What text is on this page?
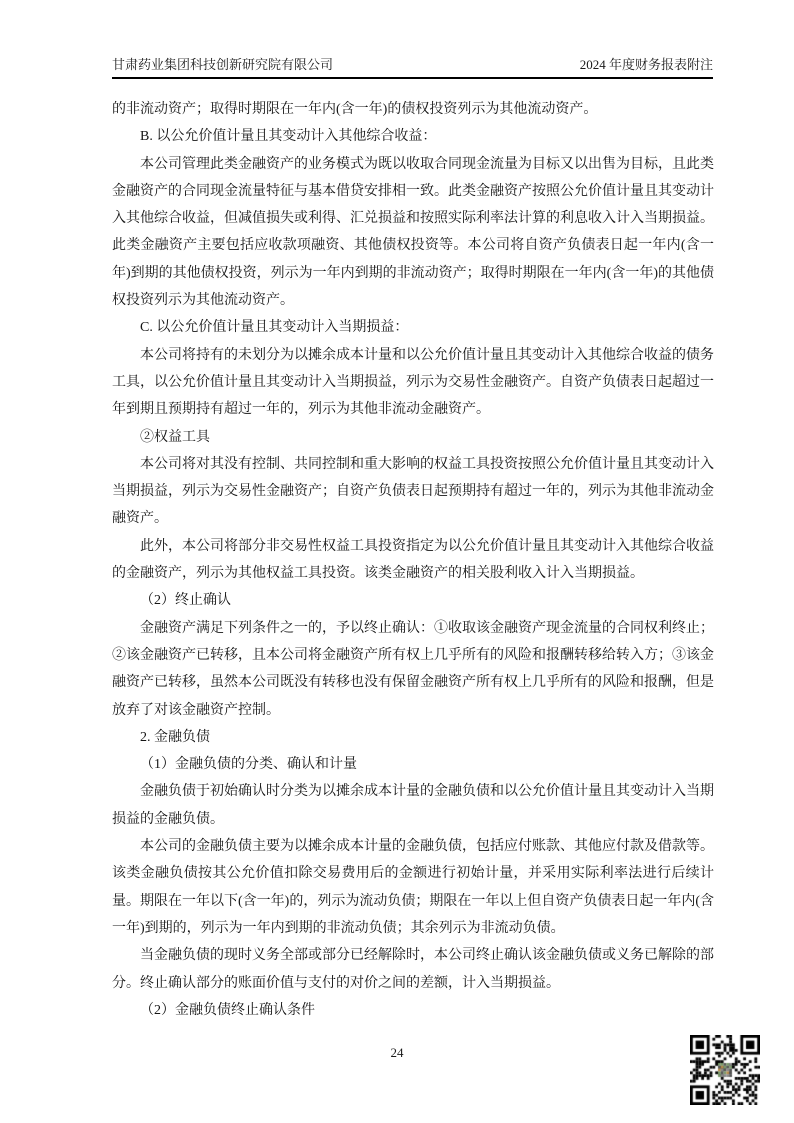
甘肃药业集团科技创新研究院有限公司	2024 年度财务报表附注

的非流动资产；取得时期限在一年内(含一年)的债权投资列示为其他流动资产。

B. 以公允价值计量且其变动计入其他综合收益：

本公司管理此类金融资产的业务模式为既以收取合同现金流量为目标又以出售为目标，且此类金融资产的合同现金流量特征与基本借贷安排相一致。此类金融资产按照公允价值计量且其变动计入其他综合收益，但减值损失或利得、汇兑损益和按照实际利率法计算的利息收入计入当期损益。此类金融资产主要包括应收款项融资、其他债权投资等。本公司将自资产负债表日起一年内(含一年)到期的其他债权投资，列示为一年内到期的非流动资产；取得时期限在一年内(含一年)的其他债权投资列示为其他流动资产。

C. 以公允价值计量且其变动计入当期损益：

本公司将持有的未划分为以摊余成本计量和以公允价值计量且其变动计入其他综合收益的债务工具，以公允价值计量且其变动计入当期损益，列示为交易性金融资产。自资产负债表日起超过一年到期且预期持有超过一年的，列示为其他非流动金融资产。

②权益工具

本公司将对其没有控制、共同控制和重大影响的权益工具投资按照公允价值计量且其变动计入当期损益，列示为交易性金融资产；自资产负债表日起预期持有超过一年的，列示为其他非流动金融资产。

此外，本公司将部分非交易性权益工具投资指定为以公允价值计量且其变动计入其他综合收益的金融资产，列示为其他权益工具投资。该类金融资产的相关股利收入计入当期损益。

（2）终止确认

金融资产满足下列条件之一的，予以终止确认：①收取该金融资产现金流量的合同权利终止；②该金融资产已转移，且本公司将金融资产所有权上几乎所有的风险和报酬转移给转入方；③该金融资产已转移，虽然本公司既没有转移也没有保留金融资产所有权上几乎所有的风险和报酬，但是放弃了对该金融资产控制。

2. 金融负债

（1）金融负债的分类、确认和计量

金融负债于初始确认时分类为以摊余成本计量的金融负债和以公允价值计量且其变动计入当期损益的金融负债。

本公司的金融负债主要为以摊余成本计量的金融负债，包括应付账款、其他应付款及借款等。该类金融负债按其公允价值扣除交易费用后的金额进行初始计量，并采用实际利率法进行后续计量。期限在一年以下(含一年)的，列示为流动负债；期限在一年以上但自资产负债表日起一年内(含一年)到期的，列示为一年内到期的非流动负债；其余列示为非流动负债。

当金融负债的现时义务全部或部分已经解除时，本公司终止确认该金融负债或义务已解除的部分。终止确认部分的账面价值与支付的对价之间的差额，计入当期损益。

（2）金融负债终止确认条件

24
